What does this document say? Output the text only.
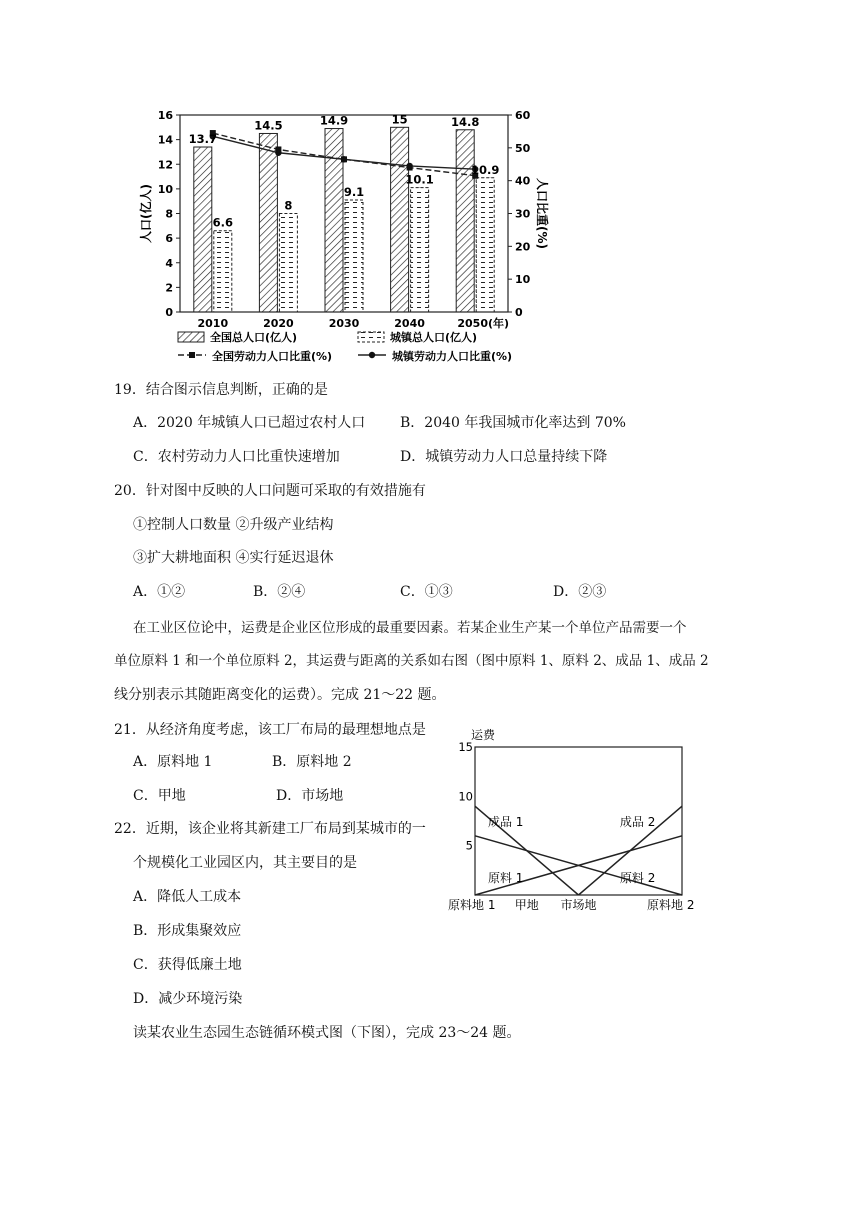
0
2
4
6
8
10
12
14
16
0
10
20
30
40
50
60
人口(亿人)	人口比重(%)
2010	2020	2030	2040	2050(年)
13.7
14.5	14.9	15	14.8
6.6
8
9.1
10.1
10.9
全国总人口(亿人)	城镇总人口(亿人)
全国劳动力人口比重(%)	城镇劳动力人口比重(%)
19．结合图示信息判断，正确的是
A．2020 年城镇人口已超过农村人口 B．2040 年我国城市化率达到 70%
C．农村劳动力人口比重快速增加	D．城镇劳动力人口总量持续下降
20．针对图中反映的人口问题可采取的有效措施有
①控制人口数量 ②升级产业结构
③扩大耕地面积 ④实行延迟退休
A．①②	B．②④	C．①③	D．②③
在工业区位论中，运费是企业区位形成的最重要因素。若某企业生产某一个单位产品需要一个
单位原料 1 和一个单位原料 2，其运费与距离的关系如右图（图中原料 1、原料 2、成品 1、成品 2
线分别表示其随距离变化的运费）。完成 21～22 题。
21．从经济角度考虑，该工厂布局的最理想地点是
A．原料地 1	B．原料地 2
C．甲地	D．市场地
22．近期，该企业将其新建工厂布局到某城市的一
个规模化工业园区内，其主要目的是
A．降低人工成本
B．形成集聚效应
C．获得低廉土地
D．减少环境污染
读某农业生态园生态链循环模式图（下图），完成 23～24 题。
运费
5
10
15
原料地 1 甲地 市场地	原料地 2
成品 1	成品 2
原料 1	原料 2
